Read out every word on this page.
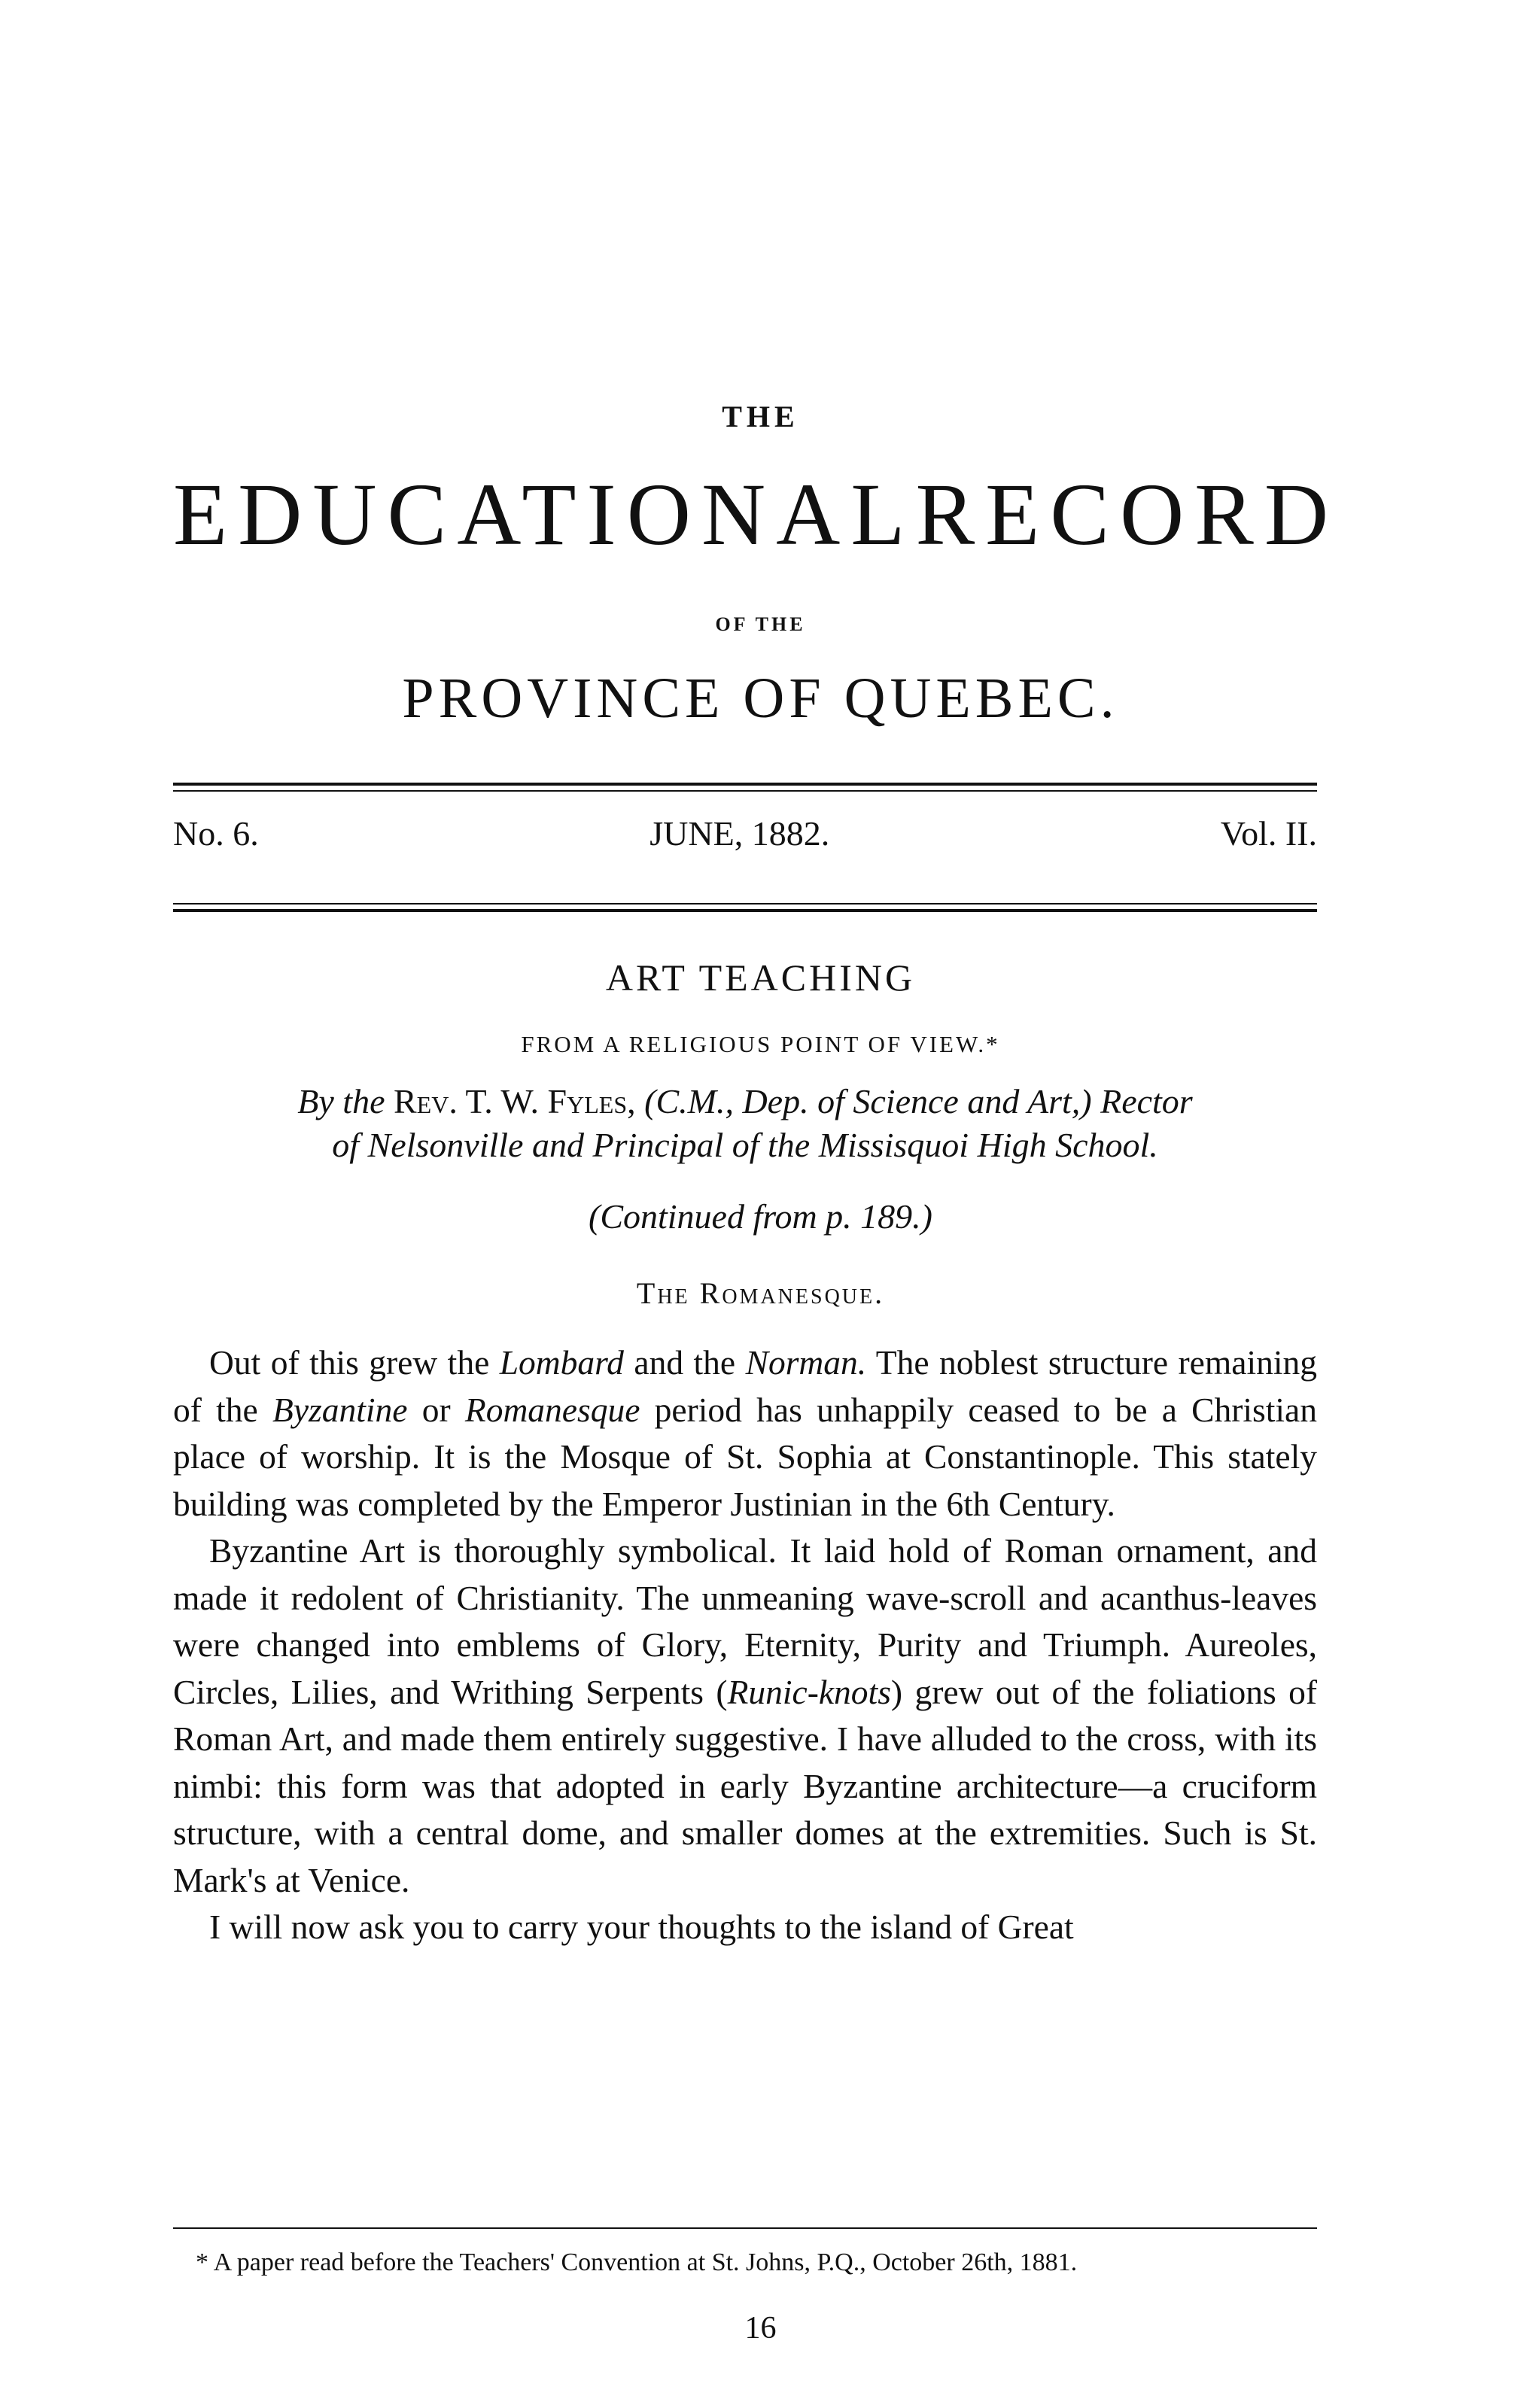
THE
EDUCATIONAL RECORD
OF THE
PROVINCE OF QUEBEC.
No. 6.	JUNE, 1882.	Vol. II.
ART TEACHING
FROM A RELIGIOUS POINT OF VIEW.*
By the Rev. T. W. Fyles, (C.M., Dep. of Science and Art,) Rector
of Nelsonville and Principal of the Missisquoi High School.
(Continued from p. 189.)
The Romanesque.

Out of this grew the Lombard and the Norman. The noblest structure remaining of the Byzantine or Romanesque period has unhappily ceased to be a Christian place of worship. It is the Mosque of St. Sophia at Constantinople. This stately building was completed by the Emperor Justinian in the 6th Century.

Byzantine Art is thoroughly symbolical. It laid hold of Roman ornament, and made it redolent of Christianity. The unmeaning wave-scroll and acanthus-leaves were changed into emblems of Glory, Eternity, Purity and Triumph. Aureoles, Circles, Lilies, and Writhing Serpents (Runic-knots) grew out of the foliations of Roman Art, and made them entirely suggestive. I have alluded to the cross, with its nimbi: this form was that adopted in early Byzantine architecture—a cruciform structure, with a central dome, and smaller domes at the extremities. Such is St. Mark's at Venice.

I will now ask you to carry your thoughts to the island of Great

* A paper read before the Teachers' Convention at St. Johns, P.Q., October 26th, 1881.
16
